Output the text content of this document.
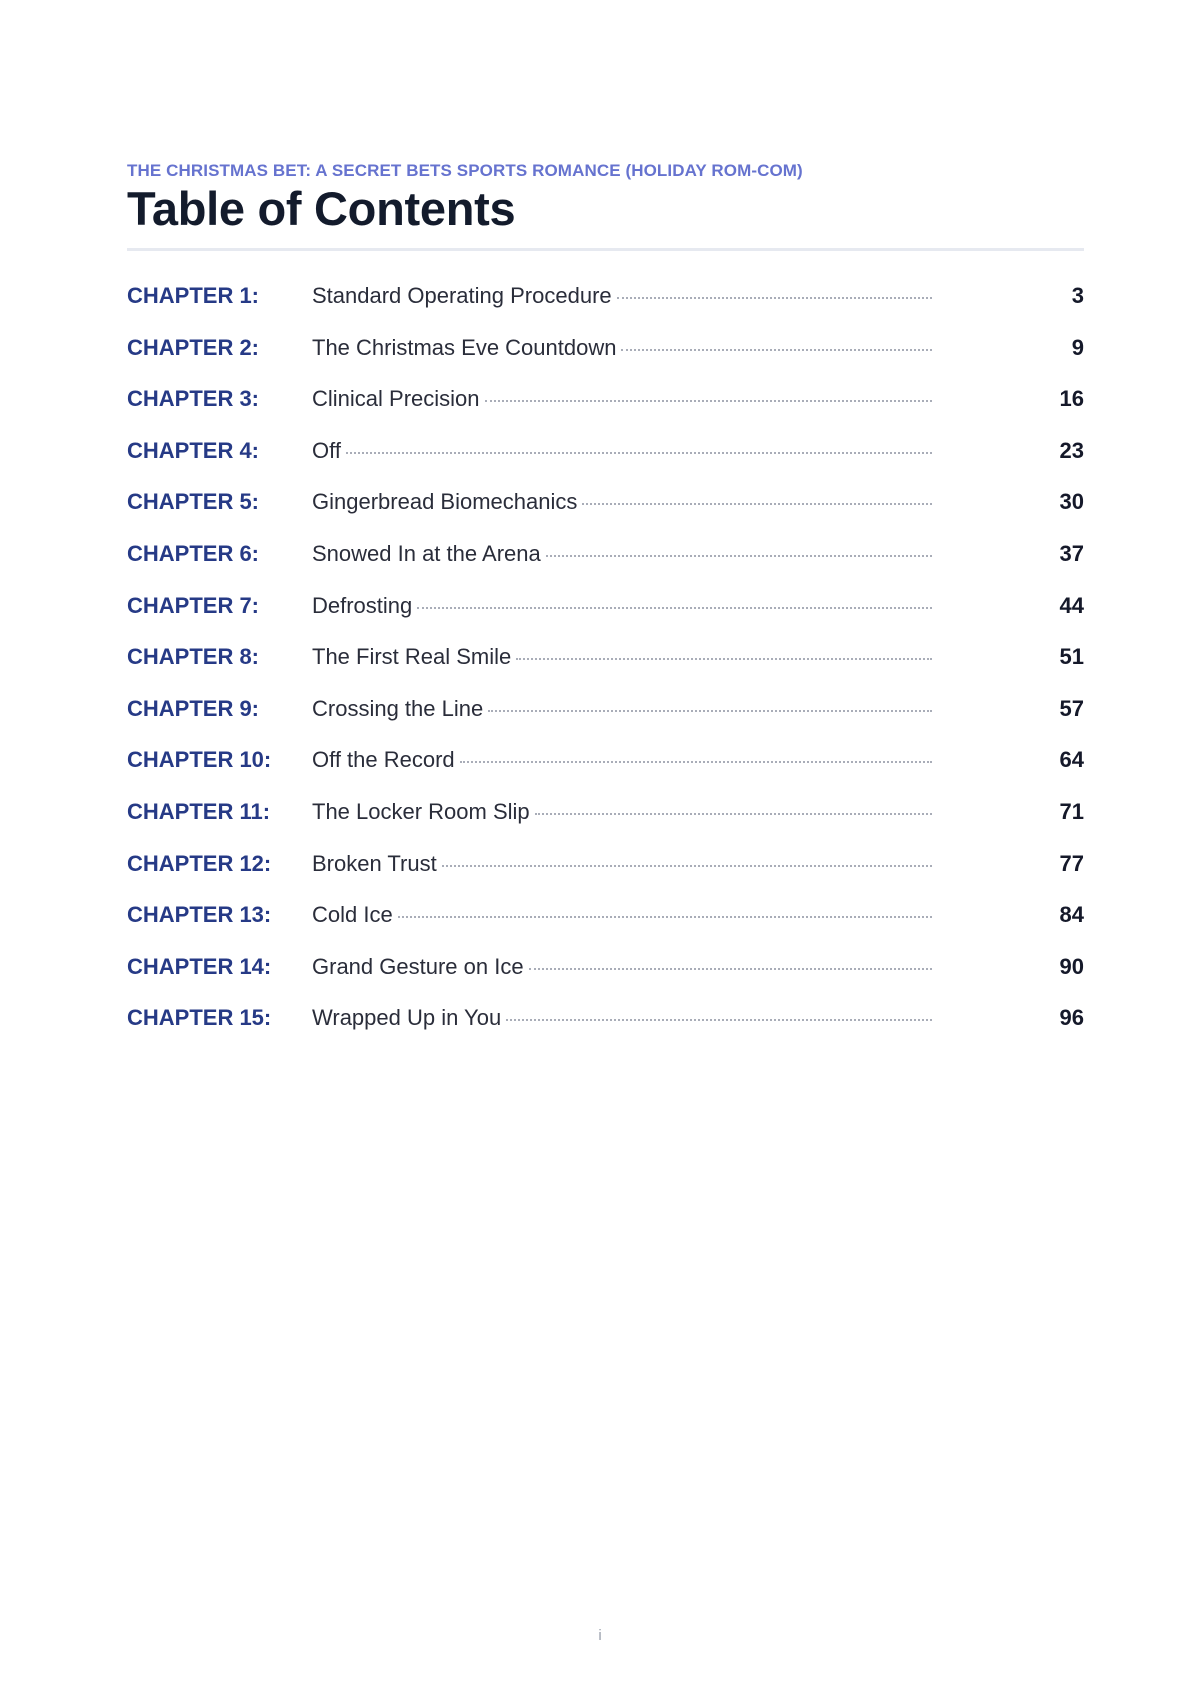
THE CHRISTMAS BET: A SECRET BETS SPORTS ROMANCE (HOLIDAY ROM-COM)
Table of Contents
CHAPTER 1:	Standard Operating Procedure	3
CHAPTER 2:	The Christmas Eve Countdown	9
CHAPTER 3:	Clinical Precision	16
CHAPTER 4:	Off	23
CHAPTER 5:	Gingerbread Biomechanics	30
CHAPTER 6:	Snowed In at the Arena	37
CHAPTER 7:	Defrosting	44
CHAPTER 8:	The First Real Smile	51
CHAPTER 9:	Crossing the Line	57
CHAPTER 10:	Off the Record	64
CHAPTER 11:	The Locker Room Slip	71
CHAPTER 12:	Broken Trust	77
CHAPTER 13:	Cold Ice	84
CHAPTER 14:	Grand Gesture on Ice	90
CHAPTER 15:	Wrapped Up in You	96
i
